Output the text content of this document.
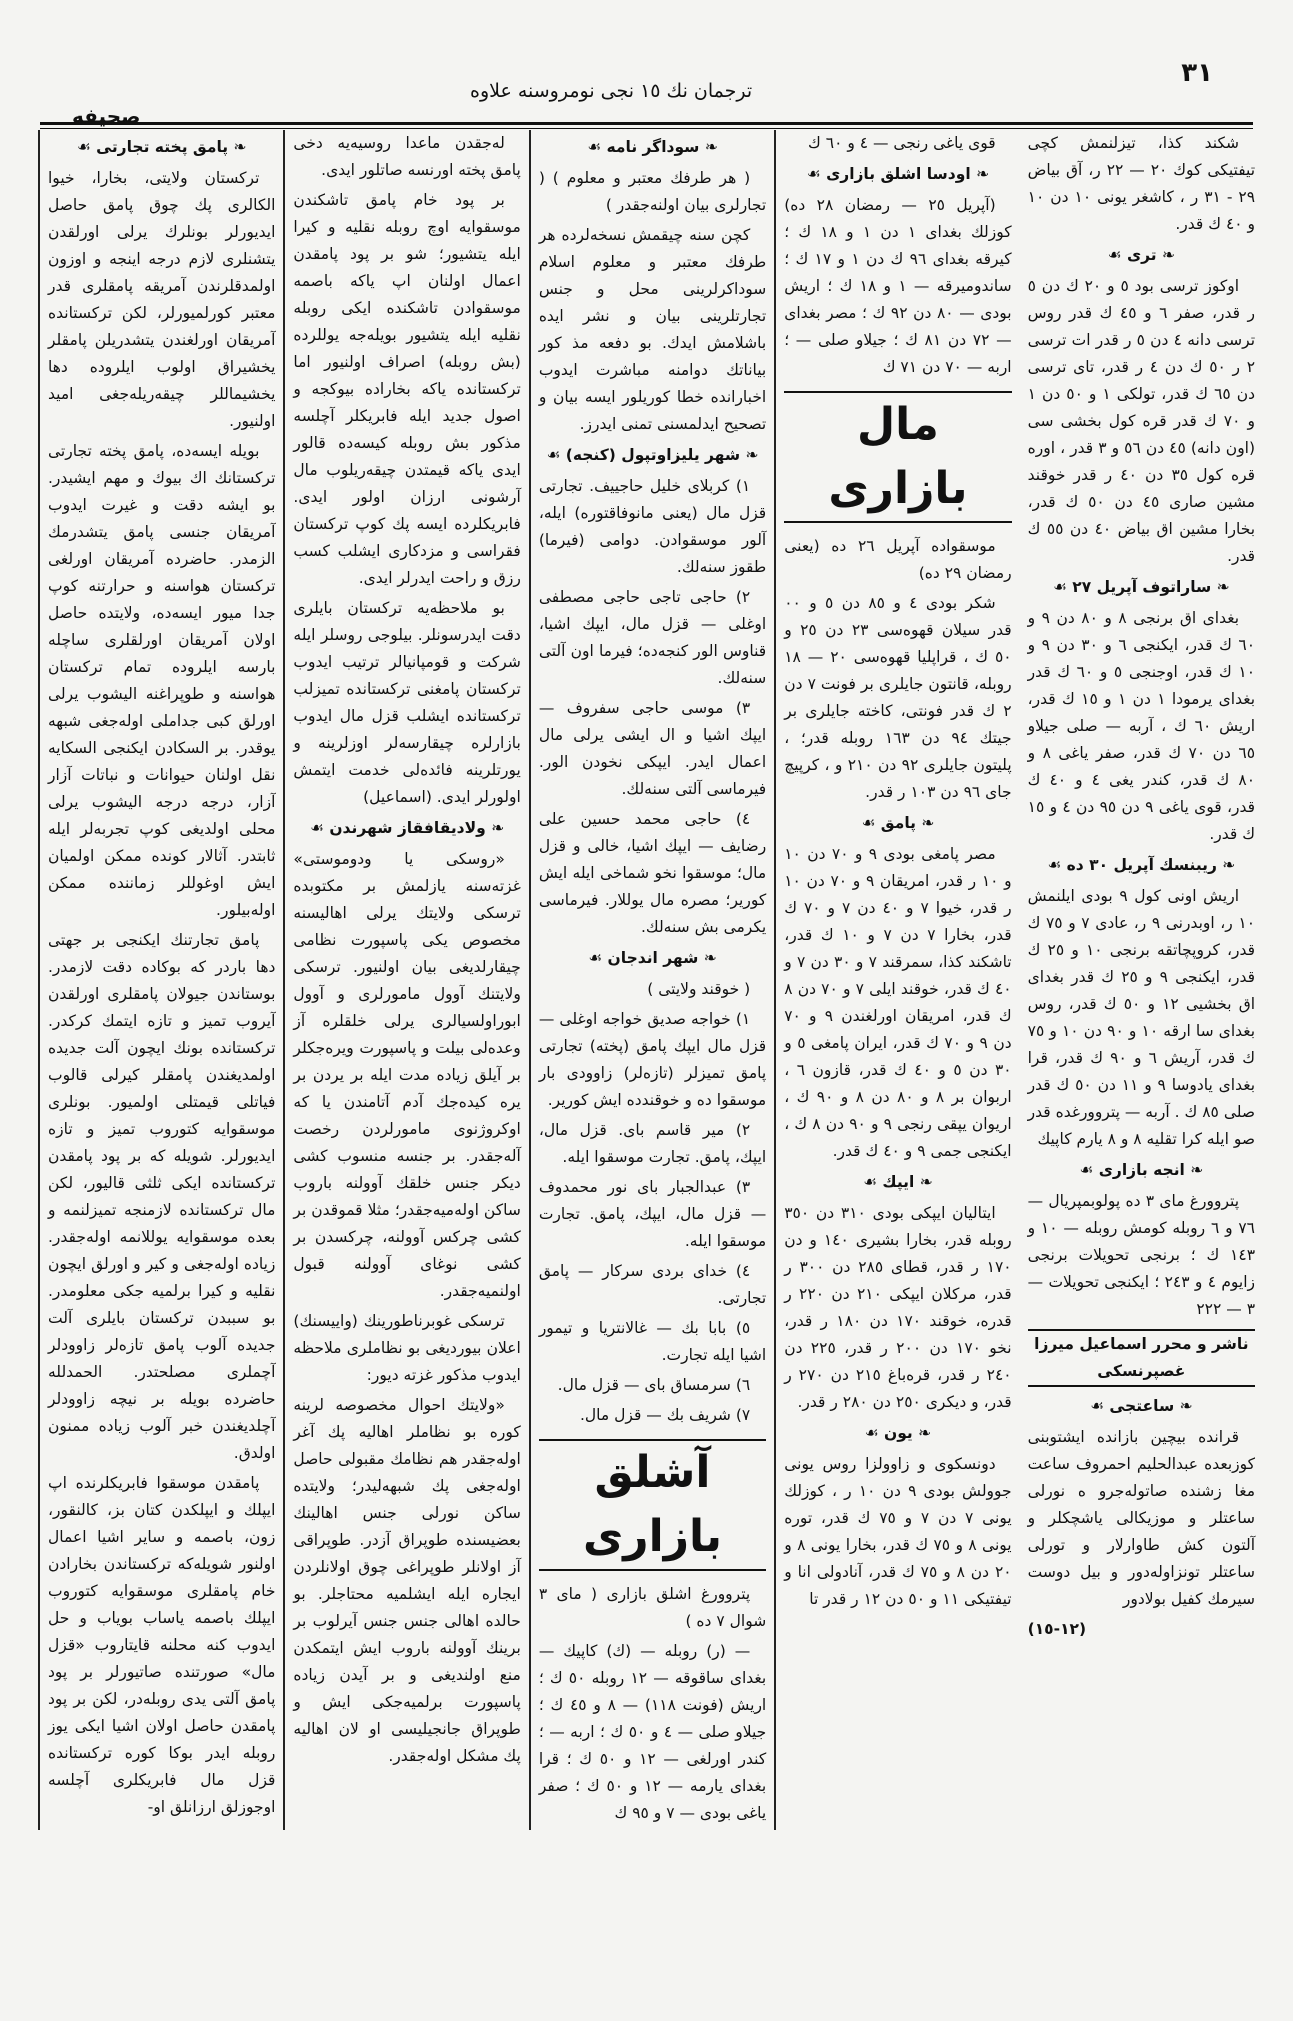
٣١
ترجمان نك ١٥ نجی نومروسنه علاوه
صحیفه
❧ پامق پخته تجارتی ☙

ترکستان ولایتی، بخارا، خیوا الکالری پك چوق پامق حاصل ایدیورلر بونلرك یرلی اورلقدن یتشنلری لازم درجه اینجه و اوزون اولمدقلرندن آمریقه پامقلری قدر معتبر کورلمیورلر، لکن ترکستانده آمریقان اورلغندن یتشدریلن پامقلر یخشیراق اولوب ایلروده دها یخشیماللر چیقه‌ریله‌جغی امید اولنیور.

بویله ایسه‌ده، پامق پخته تجارتی ترکستانك اك بیوك و مهم ایشیدر. بو ایشه دقت و غیرت ایدوب آمریقان جنسی پامق یتشدرمك الزمدر. حاضرده آمریقان اورلغی ترکستان هواسنه و حرارتنه کوپ جدا میور ایسه‌ده، ولایتده حاصل اولان آمریقان اورلقلری ساچله بارسه ایلروده تمام ترکستان هواسنه و طوپراغنه الیشوب یرلی اورلق کبی جداملی اوله‌جغی شبهه یوقدر. بر السکادن ایکنجی السکایه نقل اولنان حیوانات و نباتات آزار آزار، درجه درجه الیشوب یرلی محلی اولدیغی کوپ تجربه‌لر ایله ثابتدر. آثالار کونده ممکن اولمیان ایش اوغوللر زماننده ممکن اوله‌بیلور.

پامق تجارتنك ایکنجی بر جهتی دها باردر که بوکاده دقت لازمدر. بوستاندن جیولان پامقلری اورلقدن آیروب تمیز و تازه ایتمك کرکدر. ترکستانده بونك ایچون آلت جدیده اولمدیغندن پامقلر کیرلی قالوب فیاتلی قیمتلی اولمیور. بونلری موسقوایه کتوروب تمیز و تازه ایدیورلر. شویله که بر پود پامقدن ترکستانده ایکی ثلثی قالیور، لکن مال ترکستانده لازمنجه تمیزلنمه و بعده موسقوایه یوللانمه اوله‌جقدر. زیاده اوله‌جغی و کیر و اورلق ایچون نقلیه و کیرا برلمیه جکی معلومدر. بو سببدن ترکستان بایلری آلت جدیده آلوب پامق تازه‌لر زاوودلر آچملری مصلحتدر. الحمدلله حاضرده بویله بر نیچه زاوودلر آچلدیغندن خبر آلوب زیاده ممنون اولدق.

پامقدن موسقوا فابریکلرنده اپ ایپلك و ایپلکدن کتان بز، کالنقور، زون، باصمه و سایر اشیا اعمال اولنور شویله‌که ترکستاندن بخارادن خام پامقلری موسقوایه کتوروب ایپلك باصمه یاساب بویاب و حل ایدوب کنه محلنه قایتاروب «قزل مال» صورتنده صاتیورلر بر پود پامق آلتی یدی روبله‌در، لکن بر پود پامقدن حاصل اولان اشیا ایکی یوز روبله ایدر بوکا کوره ترکستانده قزل مال فابریکلری آچلسه اوجوزلق ارزانلق او-

له‌جقدن ماعدا روسیه‌یه دخی پامق پخته اورنسه صاتلور ایدی.

بر پود خام پامق تاشکندن موسقوایه اوچ روبله نقلیه و کیرا ایله یتشیور؛ شو بر پود پامقدن اعمال اولنان اپ یاکه باصمه موسقوادن تاشکنده ایکی روبله نقلیه ایله یتشیور بویله‌جه یوللرده (بش روبله) اصراف اولنیور اما ترکستانده یاکه بخاراده بیوکجه و اصول جدید ایله فابریکلر آچلسه مذکور بش روبله کیسه‌ده قالور ایدی یاکه قیمتدن چیقه‌ریلوب مال آرشونی ارزان اولور ایدی. فابریکلرده ایسه پك کوپ ترکستان فقراسی و مزدکاری ایشلب کسب رزق و راحت ایدرلر ایدی.

بو ملاحظه‌یه ترکستان بایلری دقت ایدرسونلر. بیلوجی روسلر ایله شرکت و قومپانیالر ترتیب ایدوب ترکستان پامغنی ترکستانده تمیزلب ترکستانده ایشلب قزل مال ایدوب بازارلره چیقارسه‌لر اوزلرینه و یورتلرینه فائده‌لی خدمت ایتمش اولورلر ایدی. (اسماعیل)

❧ ولادیقافقاز شهرندن ☙

«روسکی یا ودوموستی» غزته‌سنه یازلمش بر مکتوبده ترسکی ولایتك یرلی اهالیسنه مخصوص یکی پاسپورت نظامی چیقارلدیغی بیان اولنیور. ترسکی ولایتنك آوول مامورلری و آوول ابوراولسیالری یرلی خلقلره آز وعده‌لی بیلت و پاسپورت ویره‌جکلر بر آیلق زیاده مدت ایله بر یردن بر یره کیده‌جك آدم آتامندن یا که اوکروژنوی مامورلردن رخصت آله‌جقدر. بر جنسه منسوب کشی دیکر جنس خلقك آوولنه باروب ساکن اوله‌میه‌جقدر؛ مثلا قموقدن بر کشی چرکس آوولنه، چرکسدن بر کشی نوغای آوولنه قبول اولنمیه‌جقدر.

ترسکی غوبرناطورینك (واییسنك) اعلان بیوردیغی بو نظاملری ملاحظه ایدوب مذکور غزته دیور:

«ولایتك احوال مخصوصه لرینه کوره بو نظاملر اهالیه پك آغر اوله‌جقدر هم نظامك مقبولی حاصل اوله‌جغی پك شبهه‌لیدر؛ ولایتده ساکن نورلی جنس اهالینك بعضیسنده طوپراق آزدر. طوپراقی آز اولانلر طوپراغی چوق اولانلردن ایجاره ایله ایشلمیه محتاجلر. بو حالده اهالی جنس جنس آیرلوب بر برینك آوولنه باروب ایش ایتمکدن منع اولندیغی و بر آیدن زیاده پاسپورت برلمیه‌جکی ایش و طوپراق جانجیلیسی او لان اهالیه پك مشکل اوله‌جقدر.

❧ سوداگر نامه ☙

( هر طرفك معتبر و معلوم ) ( تجارلری بیان اولنه‌جقدر )

کچن سنه چیقمش نسخه‌لرده هر طرفك معتبر و معلوم اسلام سوداکرلرینی محل و جنس تجارتلرینی بیان و نشر ایده باشلامش ایدك. بو دفعه مذ کور بیاناتك دوامنه مباشرت ایدوب اخبارانده خطا کوریلور ایسه بیان و تصحیح ایدلمسنی تمنی ایدرز.

❧ شهر یلیزاوتپول (کنجه) ☙

١) کربلای خلیل حاجییف. تجارتی قزل مال (یعنی مانوفاقتوره) ایله، آلور موسقوادن. دوامی (فیرما) طقوز سنه‌لك.

٢) حاجی تاجی حاجی مصطفی اوغلی — قزل مال، ایپك اشیا، قناوس الور کنجه‌ده؛ فیرما اون آلتی سنه‌لك.

٣) موسی حاجی سفروف — ایپك اشیا و ال ایشی یرلی مال اعمال ایدر. ایپکی نخودن الور. فیرماسی آلتی سنه‌لك.

٤) حاجی محمد حسین علی رضایف — ایپك اشیا، خالی و قزل مال؛ موسقوا نخو شماخی ایله ایش کوریر؛ مصره مال یوللار. فیرماسی یکرمی بش سنه‌لك.

❧ شهر اندجان ☙

( خوقند ولایتی )

١) خواجه صدیق خواجه اوغلی — قزل مال ایپك پامق (پخته) تجارتی پامق تمیزلر (تازه‌لر) زاوودی بار موسقوا ده و خوقندده ایش کوریر.

٢) میر قاسم بای. قزل مال، ایپك، پامق. تجارت موسقوا ایله.

٣) عبدالجبار بای نور محمدوف — قزل مال، ایپك، پامق. تجارت موسقوا ایله.

٤) خدای بردی سرکار — پامق تجارتی.

٥) بابا بك — غالانتریا و تیمور اشیا ایله تجارت.

٦) سرمساق بای — قزل مال.

٧) شریف بك — قزل مال.

آشلق بازاری

پتروورغ اشلق بازاری ( مای ٣ شوال ٧ ده )

— (ر) روبله — (ك) کاپیك — بغدای ساقوقه — ١٢ روبله ٥٠ ك ؛ اریش (فونت ١١٨) — ٨ و ٤٥ ك ؛ جیلاو صلی — ٤ و ٥٠ ك ؛ اربه — ؛ کندر اورلغی — ١٢ و ٥٠ ك ؛ قرا بغدای یارمه — ١٢ و ٥٠ ك ؛ صفر یاغی بودی — ٧ و ٩٥ ك

قوی یاغی رنجی — ٤ و ٦٠ ك

❧ اودسا اشلق بازاری ☙

(آپریل ٢٥ — رمضان ٢٨ ده) کوزلك بغدای ١ دن ١ و ١٨ ك ؛ کیرقه بغدای ٩٦ ك دن ١ و ١٧ ك ؛ ساندومیرقه — ١ و ١٨ ك ؛ اریش بودی — ٨٠ دن ٩٢ ك ؛ مصر بغدای — ٧٢ دن ٨١ ك ؛ جیلاو صلی — ؛ اربه — ٧٠ دن ٧١ ك

مال بازاری

موسقواده آپریل ٢٦ ده (یعنی رمضان ٢٩ ده)

شکر بودی ٤ و ٨٥ دن ٥ و ٠٠ قدر سیلان قهوه‌سی ٢٣ دن ٢٥ و ٥٠ ك ، قراپلیا قهوه‌سی ٢٠ — ١٨ روبله، قانتون جایلری بر فونت ٧ دن ٢ ك قدر فونتی، کاخته جایلری بر جیتك ٩٤ دن ١٦٣ روبله قدر؛ ، پلیتون جایلری ٩٢ دن ٢١٠ و ، کرپیچ جای ٩٦ دن ١٠٣ ر قدر.

❧ پامق ☙

مصر پامغی بودی ٩ و ٧٠ دن ١٠ و ١٠ ر قدر، امریقان ٩ و ٧٠ دن ١٠ ر قدر، خیوا ٧ و ٤٠ دن ٧ و ٧٠ ك قدر، بخارا ٧ دن ٧ و ١٠ ك قدر، تاشکند کذا، سمرقند ٧ و ٣٠ دن ٧ و ٤٠ ك قدر، خوقند ایلی ٧ و ٧٠ دن ٨ ك قدر، امریقان اورلغندن ٩ و ٧٠ دن ٩ و ٧٠ ك قدر، ایران پامغی ٥ و ٣٠ دن ٥ و ٤٠ ك قدر، قازون ٦ ، اربوان بر ٨ و ٨٠ دن ٨ و ٩٠ ك ، اریوان یپقی رنجی ٩ و ٩٠ دن ٨ ك ، ایکنجی جمی ٩ و ٤٠ ك قدر.

❧ ایپك ☙

ایتالیان ایپکی بودی ٣١٠ دن ٣٥٠ روبله قدر، بخارا بشیری ١٤٠ و دن ١٧٠ ر قدر، قطای ٢٨٥ دن ٣٠٠ ر قدر، مرکلان ایپکی ٢١٠ دن ٢٢٠ ر قدره، خوقند ١٧٠ دن ١٨٠ ر قدر، نخو ١٧٠ دن ٢٠٠ ر قدر، ٢٢٥ دن ٢٤٠ ر قدر، قره‌باغ ٢١٥ دن ٢٧٠ ر قدر، و دیکری ٢٥٠ دن ٢٨٠ ر قدر.

❧ یون ☙

دونسکوی و زاوولزا روس یونی جوولش بودی ٩ دن ١٠ ر ، کوزلك یونی ٧ دن ٧ و ٧٥ ك قدر، توره یونی ٨ و ٧٥ ك قدر، بخارا یونی ٨ و ٢٠ دن ٨ و ٧٥ ك قدر، آنادولی انا و تیفتیکی ١١ و ٥٠ دن ١٢ ر قدر تا

شکند کذا، تیزلنمش کچی تیفتیکی کوك ٢٠ — ٢٢ ر، آق بیاض ٢٩ - ٣١ ر ، کاشغر یونی ١٠ دن ١٠ و ٤٠ ك قدر.

❧ تری ☙

اوکوز ترسی بود ٥ و ٢٠ ك دن ٥ ر قدر، صفر ٦ و ٤٥ ك قدر روس ترسی دانه ٤ دن ٥ ر قدر ات ترسی ٢ ر ٥٠ ك دن ٤ ر قدر، تای ترسی دن ٦٥ ك قدر، تولکی ١ و ٥٠ دن ١ و ٧٠ ك قدر قره کول بخشی سی (اون دانه) ٤٥ دن ٥٦ و ٣ قدر ، اوره قره کول ٣٥ دن ٤٠ ر قدر خوقند مشین صاری ٤٥ دن ٥٠ ك قدر، بخارا مشین اق بیاض ٤٠ دن ٥٥ ك قدر.

❧ ساراتوف آپریل ٢٧ ☙

بغدای اق برنجی ٨ و ٨٠ دن ٩ و ٦٠ ك قدر، ایکنجی ٦ و ٣٠ دن ٩ و ١٠ ك قدر، اوجنجی ٥ و ٦٠ ك قدر بغدای یرمودا ١ دن ١ و ١٥ ك قدر، اریش ٦٠ ك ، آربه — صلی جیلاو ٦٥ دن ٧٠ ك قدر، صفر یاغی ٨ و ٨٠ ك قدر، کندر یغی ٤ و ٤٠ ك قدر، قوی یاغی ٩ دن ٩٥ دن ٤ و ١٥ ك قدر.

❧ ریبنسك آپریل ٣٠ ده ☙

اریش اونی کول ٩ بودی ایلنمش ١٠ ر، اوبدرنی ٩ ر، عادی ٧ و ٧٥ ك قدر، کروپچاتقه برنجی ١٠ و ٢٥ ك قدر، ایکنجی ٩ و ٢٥ ك قدر بغدای اق بخشیی ١٢ و ٥٠ ك قدر، روس بغدای سا ارقه ١٠ و ٩٠ دن ١٠ و ٧٥ ك قدر، آریش ٦ و ٩٠ ك قدر، قرا بغدای یادوسا ٩ و ١١ دن ٥٠ ك قدر صلی ٨٥ ك . آربه — پتروورغده قدر صو ایله کرا تقلیه ٨ و ٨ یارم کاپیك

❧ انجه بازاری ☙

پتروورغ مای ٣ ده پولوبمپریال — ٧٦ و ٦ روبله کومش روبله — ١٠ و ١٤٣ ك ؛ برنجی تحویلات برنجی زایوم ٤ و ٢٤٣ ؛ ایکنجی تحویلات — ٣ — ٢٢٢

ناشر و محرر اسماعیل میرزا غصپرنسکی
❧ ساعتجی ☙

قرانده بیچین بازانده ایشتوبنی کوزبعده عبدالحلیم احمروف ساعت مغا زشنده صاتوله‌جرو ه نورلی ساعتلر و موزیکالی یاشچکلر و آلتون کش طاوارلار و تورلی ساعتلر تونزاوله‌دور و بیل دوست سیرمك کفیل بولادور

(١٢-١٥)
